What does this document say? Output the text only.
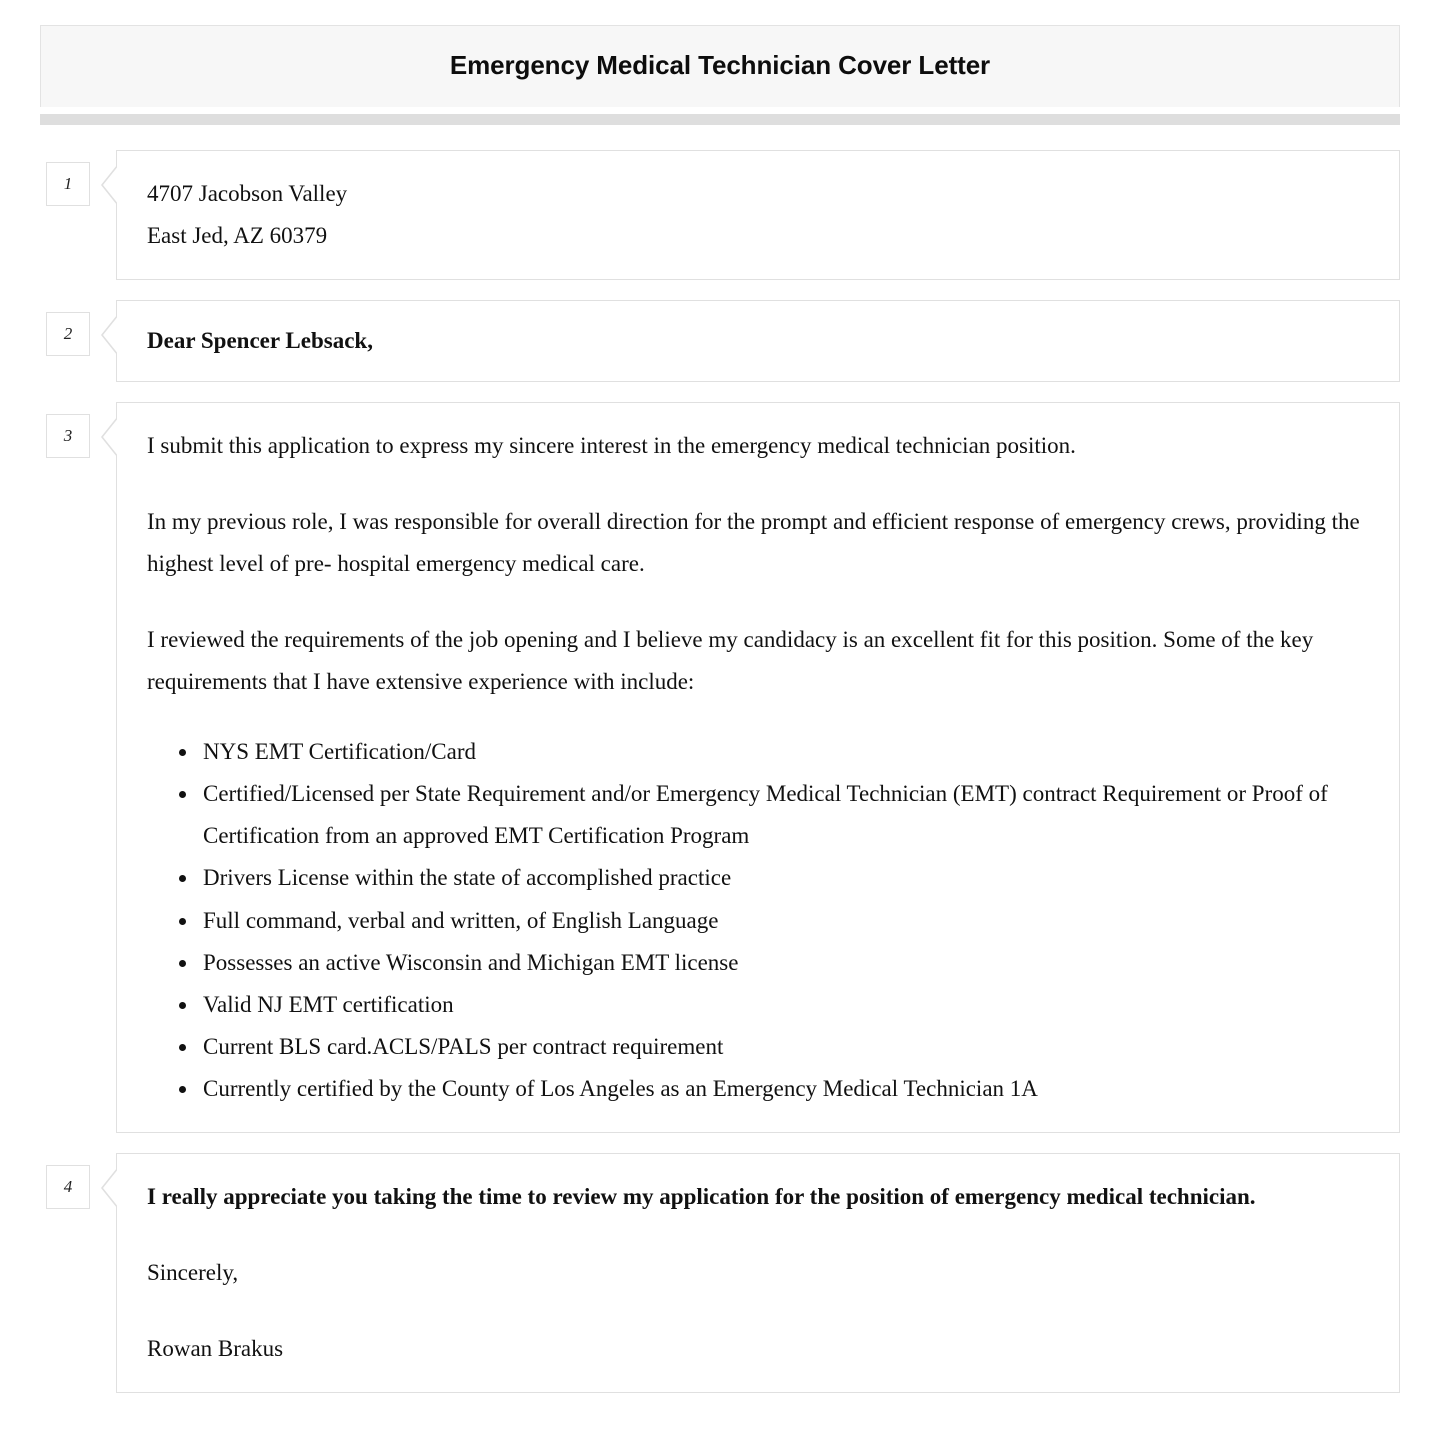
Emergency Medical Technician Cover Letter
1	4707 Jacobson Valley
East Jed, AZ 60379
2	Dear Spencer Lebsack,
3	I submit this application to express my sincere interest in the emergency medical technician position.

In my previous role, I was responsible for overall direction for the prompt and efficient response of emergency crews, providing the highest level of pre- hospital emergency medical care.

I reviewed the requirements of the job opening and I believe my candidacy is an excellent fit for this position. Some of the key requirements that I have extensive experience with include:

• NYS EMT Certification/Card
• Certified/Licensed per State Requirement and/or Emergency Medical Technician (EMT) contract Requirement or Proof of Certification from an approved EMT Certification Program
• Drivers License within the state of accomplished practice
• Full command, verbal and written, of English Language
• Possesses an active Wisconsin and Michigan EMT license
• Valid NJ EMT certification
• Current BLS card.ACLS/PALS per contract requirement
• Currently certified by the County of Los Angeles as an Emergency Medical Technician 1A
4	I really appreciate you taking the time to review my application for the position of emergency medical technician.

Sincerely,

Rowan Brakus
